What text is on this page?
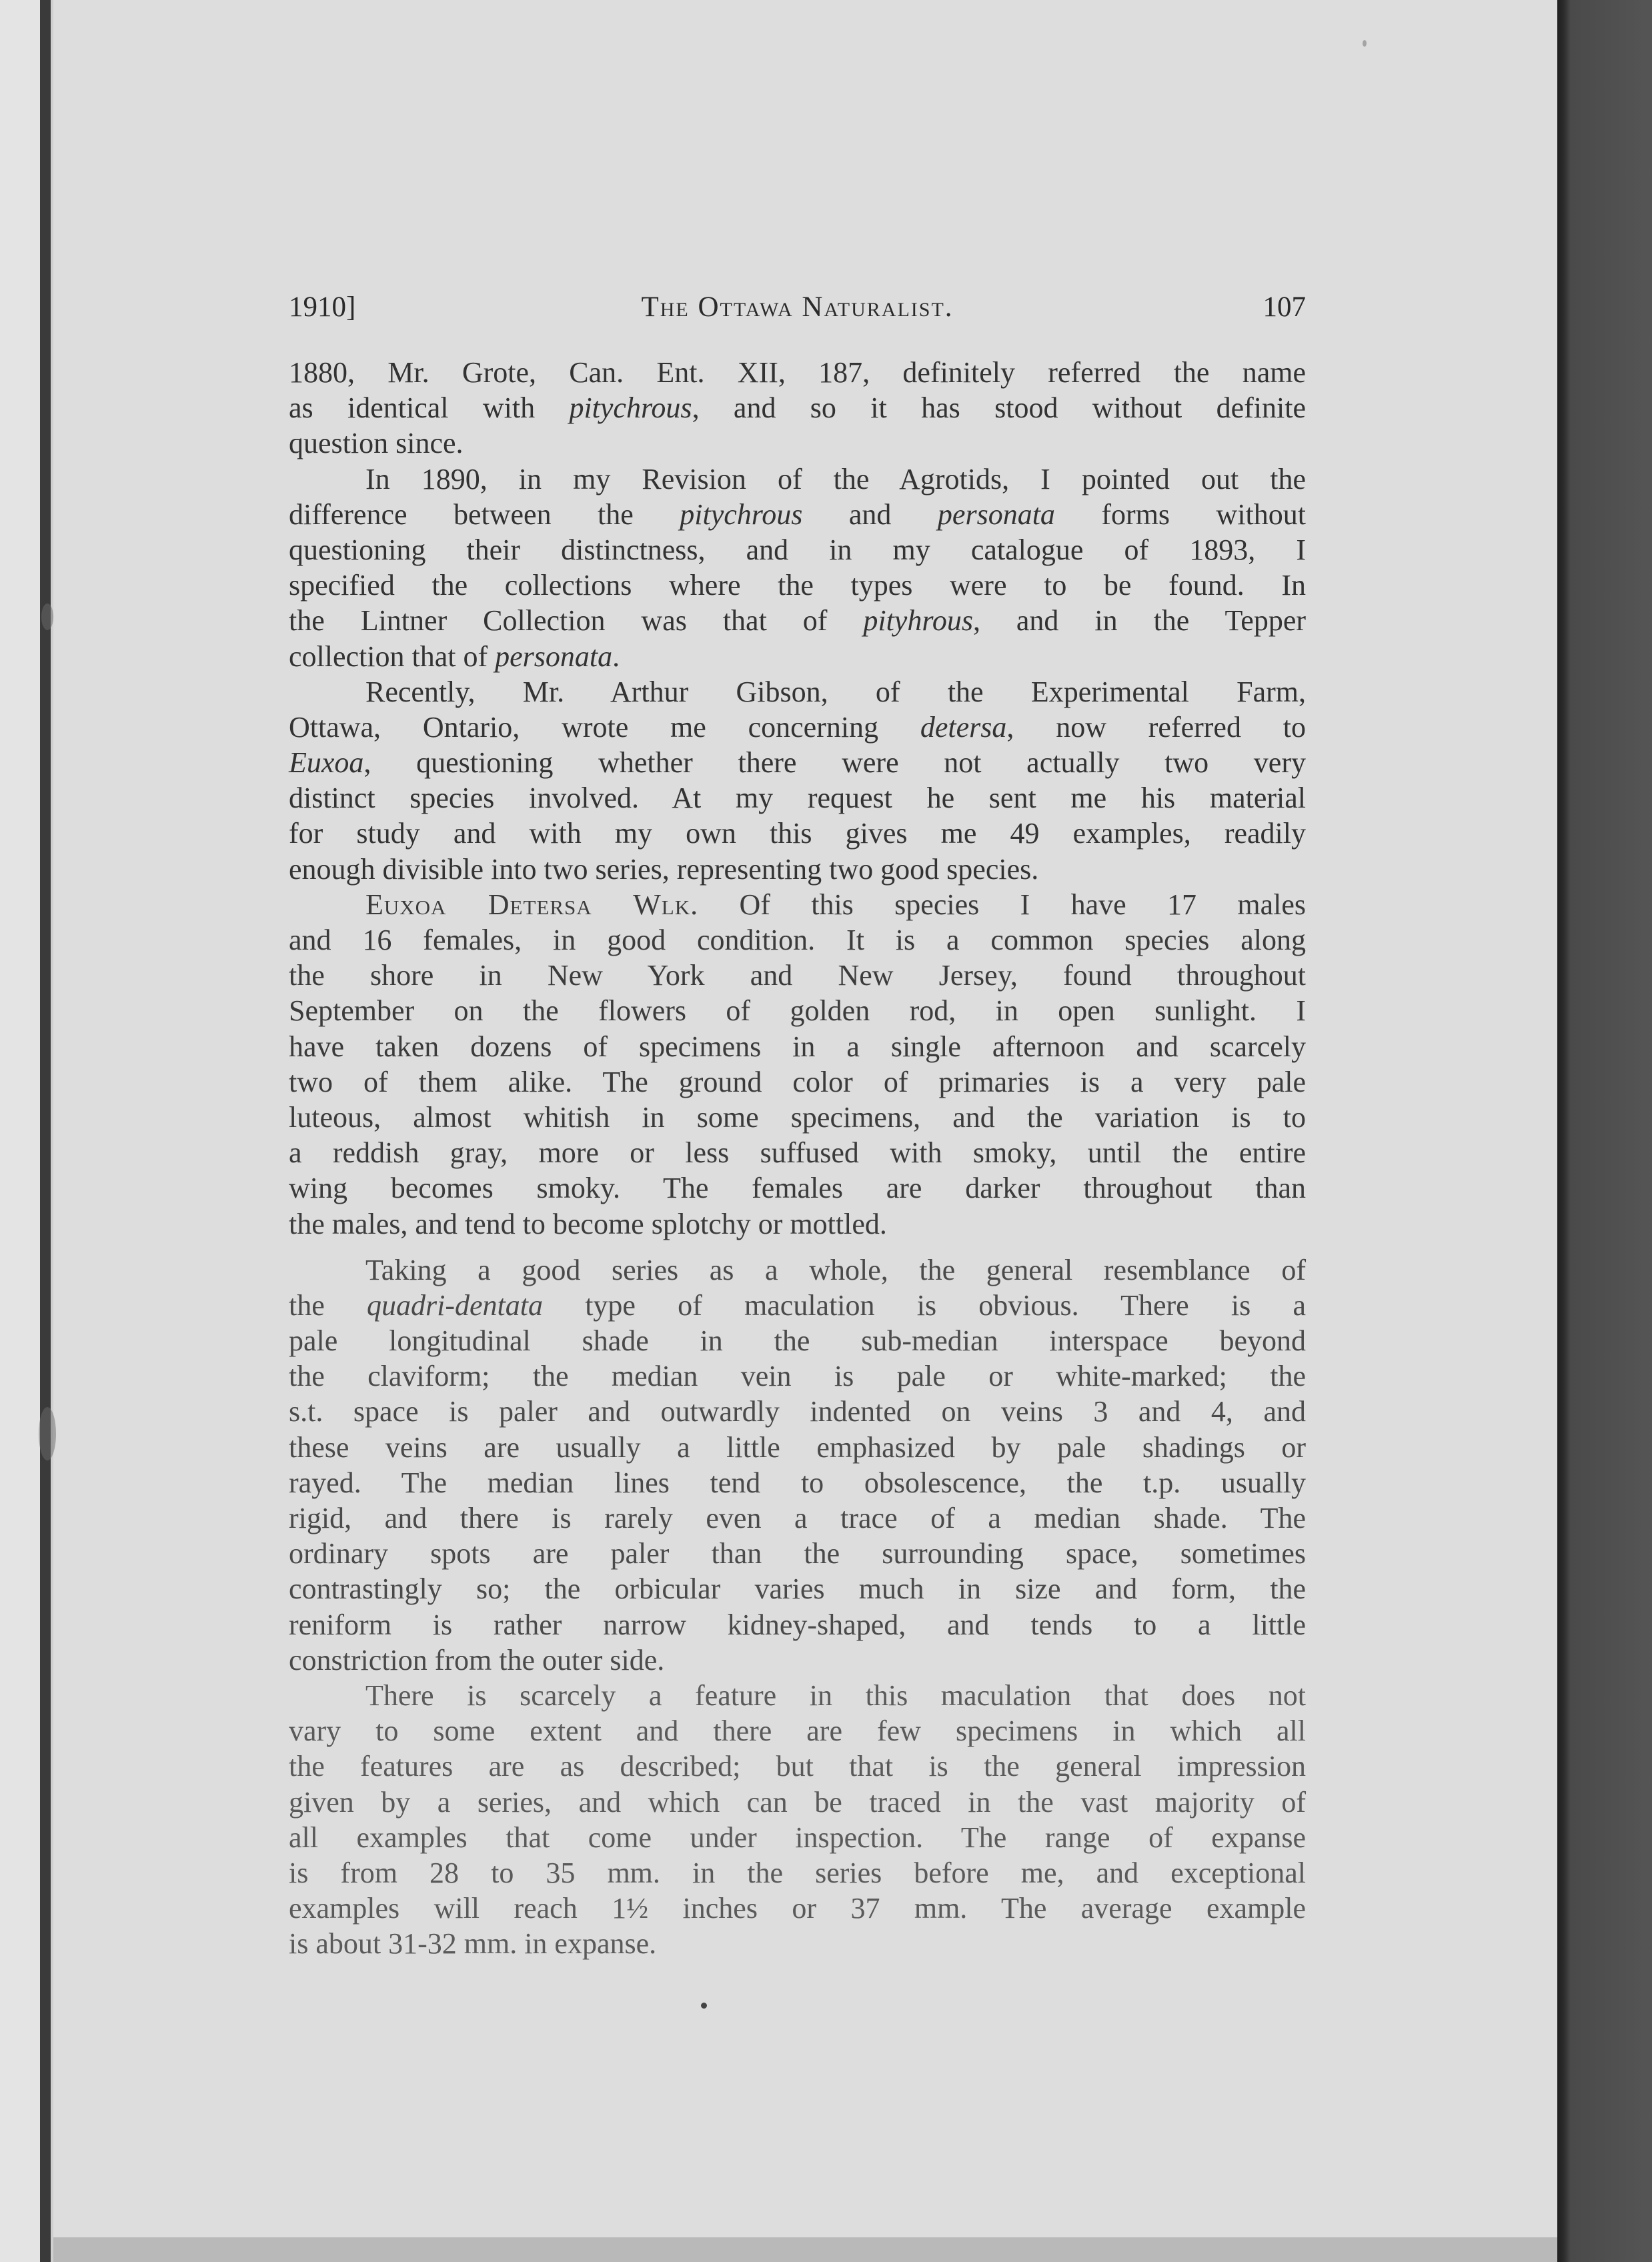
1910]	The Ottawa Naturalist.	107
1880, Mr. Grote, Can. Ent. XII, 187, definitely referred the name
as identical with pitychrous, and so it has stood without definite
question since.
In 1890, in my Revision of the Agrotids, I pointed out the
difference between the pitychrous and personata forms without
questioning their distinctness, and in my catalogue of 1893, I
specified the collections where the types were to be found. In
the Lintner Collection was that of pityhrous, and in the Tepper
collection that of personata.
Recently, Mr. Arthur Gibson, of the Experimental Farm,
Ottawa, Ontario, wrote me concerning detersa, now referred to
Euxoa, questioning whether there were not actually two very
distinct species involved. At my request he sent me his material
for study and with my own this gives me 49 examples, readily
enough divisible into two series, representing two good species.
Euxoa Detersa Wlk. Of this species I have 17 males
and 16 females, in good condition. It is a common species along
the shore in New York and New Jersey, found throughout
September on the flowers of golden rod, in open sunlight. I
have taken dozens of specimens in a single afternoon and scarcely
two of them alike. The ground color of primaries is a very pale
luteous, almost whitish in some specimens, and the variation is to
a reddish gray, more or less suffused with smoky, until the entire
wing becomes smoky. The females are darker throughout than
the males, and tend to become splotchy or mottled.
Taking a good series as a whole, the general resemblance of
the quadri-dentata type of maculation is obvious. There is a
pale longitudinal shade in the sub-median interspace beyond
the claviform; the median vein is pale or white-marked; the
s.t. space is paler and outwardly indented on veins 3 and 4, and
these veins are usually a little emphasized by pale shadings or
rayed. The median lines tend to obsolescence, the t.p. usually
rigid, and there is rarely even a trace of a median shade. The
ordinary spots are paler than the surrounding space, sometimes
contrastingly so; the orbicular varies much in size and form, the
reniform is rather narrow kidney-shaped, and tends to a little
constriction from the outer side.
There is scarcely a feature in this maculation that does not
vary to some extent and there are few specimens in which all
the features are as described; but that is the general impression
given by a series, and which can be traced in the vast majority of
all examples that come under inspection. The range of expanse
is from 28 to 35 mm. in the series before me, and exceptional
examples will reach 1½ inches or 37 mm. The average example
is about 31-32 mm. in expanse.
